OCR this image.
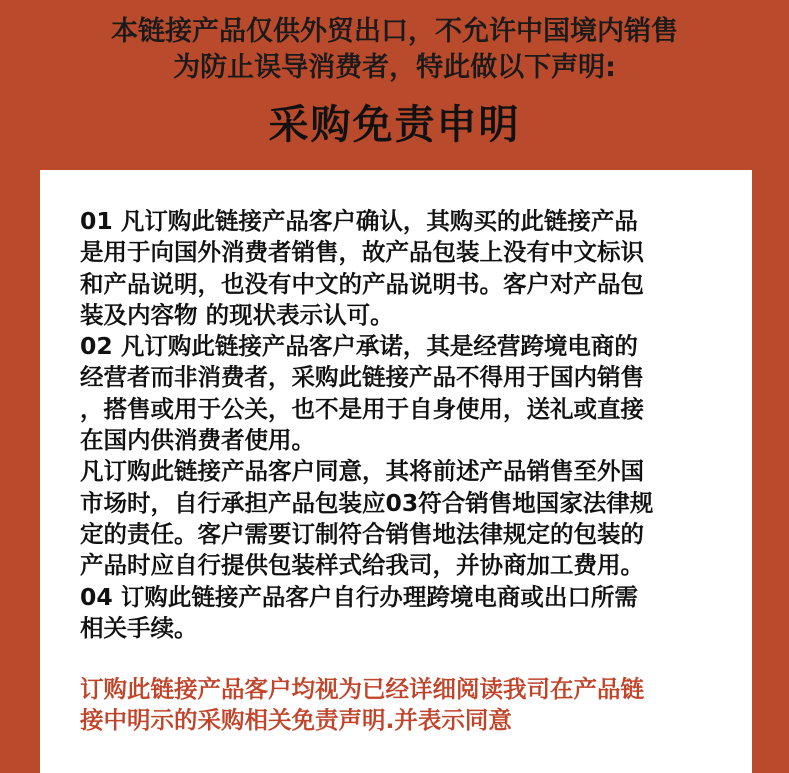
本链接产品仅供外贸出口，不允许中国境内销售
为防止误导消费者，特此做以下声明:
采购免责申明
01 凡订购此链接产品客户确认，其购买的此链接产品
是用于向国外消费者销售，故产品包装上没有中文标识
和产品说明，也没有中文的产品说明书。客户对产品包
装及内容物 的现状表示认可。
02 凡订购此链接产品客户承诺，其是经营跨境电商的
经营者而非消费者，采购此链接产品不得用于国内销售
，搭售或用于公关，也不是用于自身使用，送礼或直接
在国内供消费者使用。
凡订购此链接产品客户同意，其将前述产品销售至外国
市场时，自行承担产品包装应03符合销售地国家法律规
定的责任。客户需要订制符合销售地法律规定的包装的
产品时应自行提供包装样式给我司，并协商加工费用。
04 订购此链接产品客户自行办理跨境电商或出口所需
相关手续。
订购此链接产品客户均视为已经详细阅读我司在产品链
接中明示的采购相关免责声明.并表示同意
